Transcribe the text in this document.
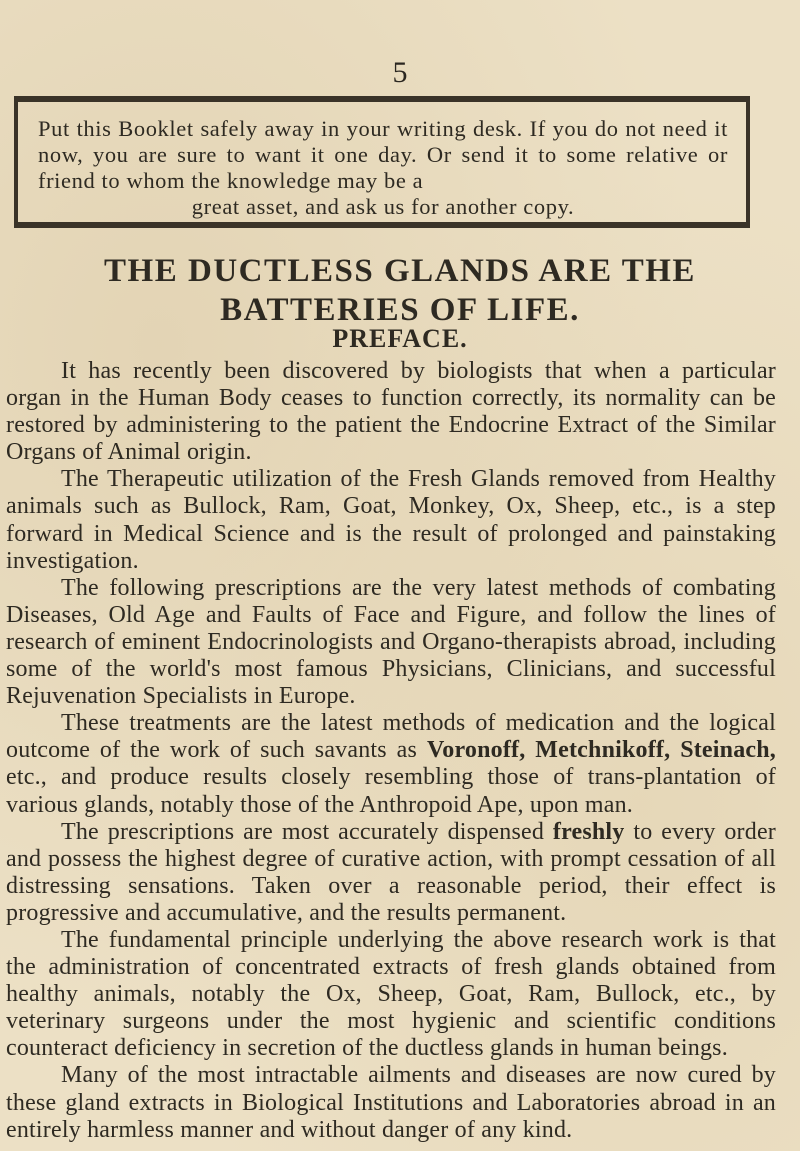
5
Put this Booklet safely away in your writing desk. If you do not need it now, you are sure to want it one day. Or send it to some relative or friend to whom the knowledge may be a
great asset, and ask us for another copy.
THE DUCTLESS GLANDS ARE THE
BATTERIES OF LIFE.
PREFACE.

It has recently been discovered by biologists that when a particular organ in the Human Body ceases to function correctly, its normality can be restored by administering to the patient the Endocrine Extract of the Similar Organs of Animal origin.

The Therapeutic utilization of the Fresh Glands removed from Healthy animals such as Bullock, Ram, Goat, Monkey, Ox, Sheep, etc., is a step forward in Medical Science and is the result of prolonged and painstaking investigation.

The following prescriptions are the very latest methods of combating Diseases, Old Age and Faults of Face and Figure, and follow the lines of research of eminent Endocrinologists and Organo-therapists abroad, including some of the world's most famous Physicians, Clinicians, and successful Rejuvenation Specialists in Europe.

These treatments are the latest methods of medication and the logical outcome of the work of such savants as Voronoff, Metchnikoff, Steinach, etc., and produce results closely resembling those of trans-plantation of various glands, notably those of the Anthropoid Ape, upon man.

The prescriptions are most accurately dispensed freshly to every order and possess the highest degree of curative action, with prompt cessation of all distressing sensations. Taken over a reasonable period, their effect is progressive and accumulative, and the results permanent.

The fundamental principle underlying the above research work is that the administration of concentrated extracts of fresh glands obtained from healthy animals, notably the Ox, Sheep, Goat, Ram, Bullock, etc., by veterinary surgeons under the most hygienic and scientific conditions counteract deficiency in secretion of the ductless glands in human beings.

Many of the most intractable ailments and diseases are now cured by these gland extracts in Biological Institutions and Laboratories abroad in an entirely harmless manner and without danger of any kind.
